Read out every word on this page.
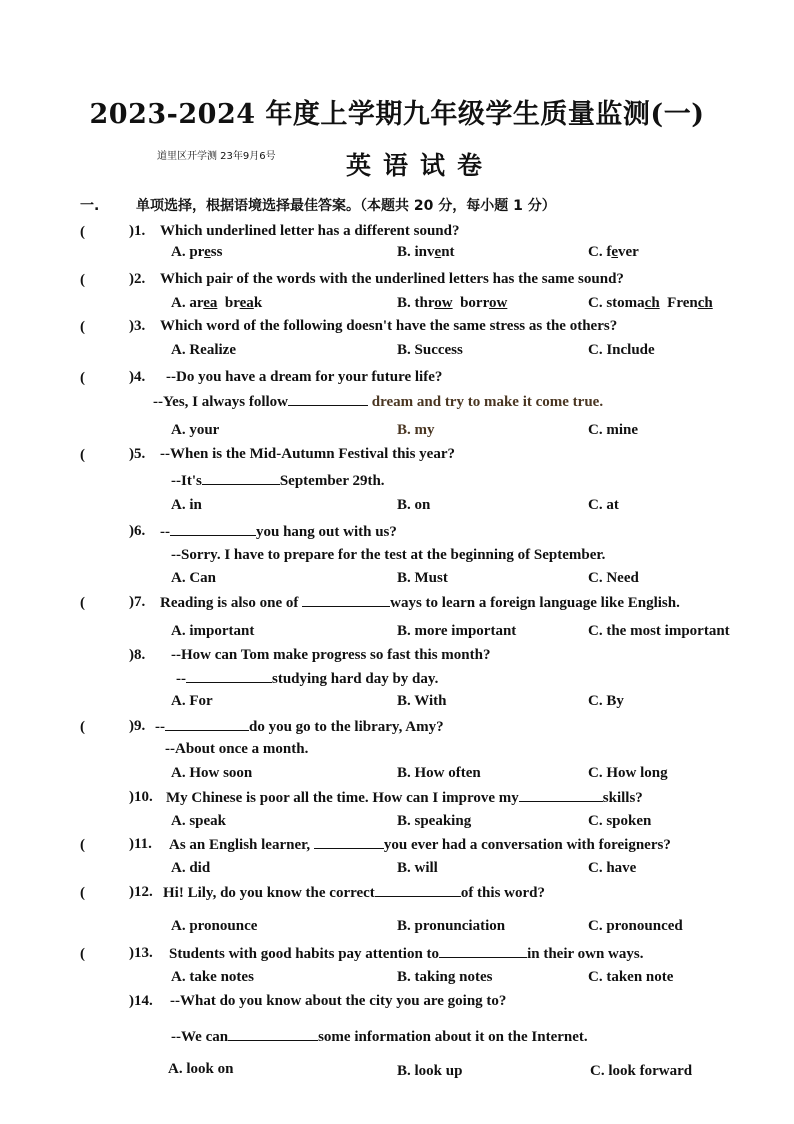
2023-2024 年度上学期九年级学生质量监测(一)
道里区开学测 23年9月6号	英语试卷
一.	单项选择，根据语境选择最佳答案。（本题共 20 分，每小题 1 分）
(	)1. Which underlined letter has a different sound?
A. press	B. invent	C. fever
(	)2. Which pair of the words with the underlined letters has the same sound?
A. area break	B. throw borrow	C. stomach French
(	)3. Which word of the following doesn't have the same stress as the others?
A. Realize	B. Success	C. Include
(	)4. --Do you have a dream for your future life?
--Yes, I always follow	dream and try to make it come true.
A. your	B. my	C. mine
(	)5. --When is the Mid-Autumn Festival this year?
--It's	September 29th.
A. in	B. on	C. at
)6. --	you hang out with us?
--Sorry. I have to prepare for the test at the beginning of September.
A. Can	B. Must	C. Need
(	)7. Reading is also one of	ways to learn a foreign language like English.
A. important	B. more important	C. the most important
)8. --How can Tom make progress so fast this month?
--	studying hard day by day.
A. For	B. With	C. By
(	)9. --	do you go to the library, Amy?
--About once a month.
A. How soon	B. How often	C. How long
)10. My Chinese is poor all the time. How can I improve my	skills?
A. speak	B. speaking	C. spoken
(	)11. As an English learner,	you ever had a conversation with foreigners?
A. did	B. will	C. have
(	)12. Hi! Lily, do you know the correct	of this word?
A. pronounce	B. pronunciation	C. pronounced
(	)13. Students with good habits pay attention to	in their own ways.
A. take notes	B. taking notes	C. taken note
)14. --What do you know about the city you are going to?
--We can	some information about it on the Internet.
A. look on	B. look up	C. look forward
